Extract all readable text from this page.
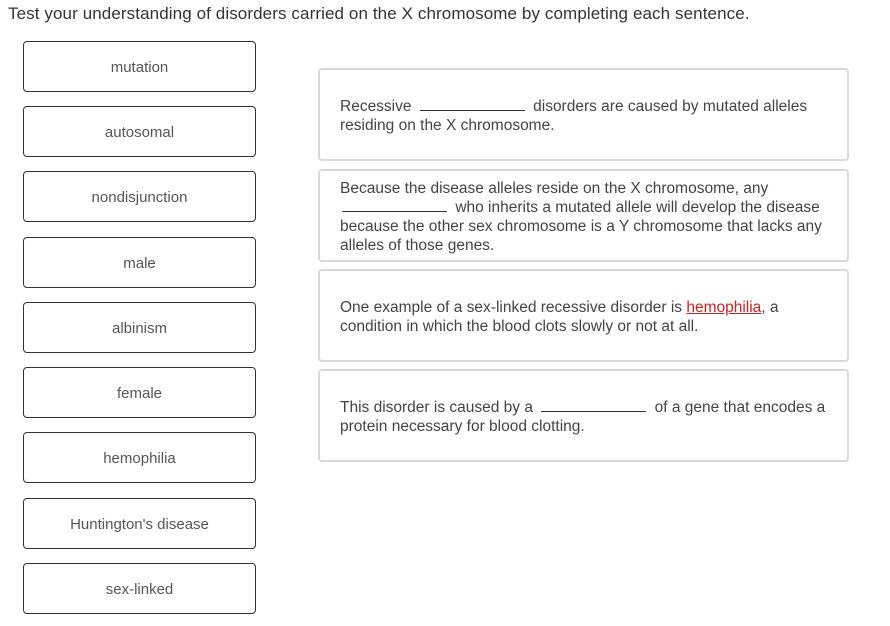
Test your understanding of disorders carried on the X chromosome by completing each sentence.
mutation
autosomal
nondisjunction
male
albinism
female
hemophilia
Huntington's disease
sex-linked
Recessive	disorders are caused by mutated alleles residing on the X chromosome.
Because the disease alleles reside on the X chromosome, any  who inherits a mutated allele will develop the disease because the other sex chromosome is a Y chromosome that lacks any alleles of those genes.
One example of a sex-linked recessive disorder is hemophilia, a condition in which the blood clots slowly or not at all.
This disorder is caused by a	of a gene that encodes a protein necessary for blood clotting.
